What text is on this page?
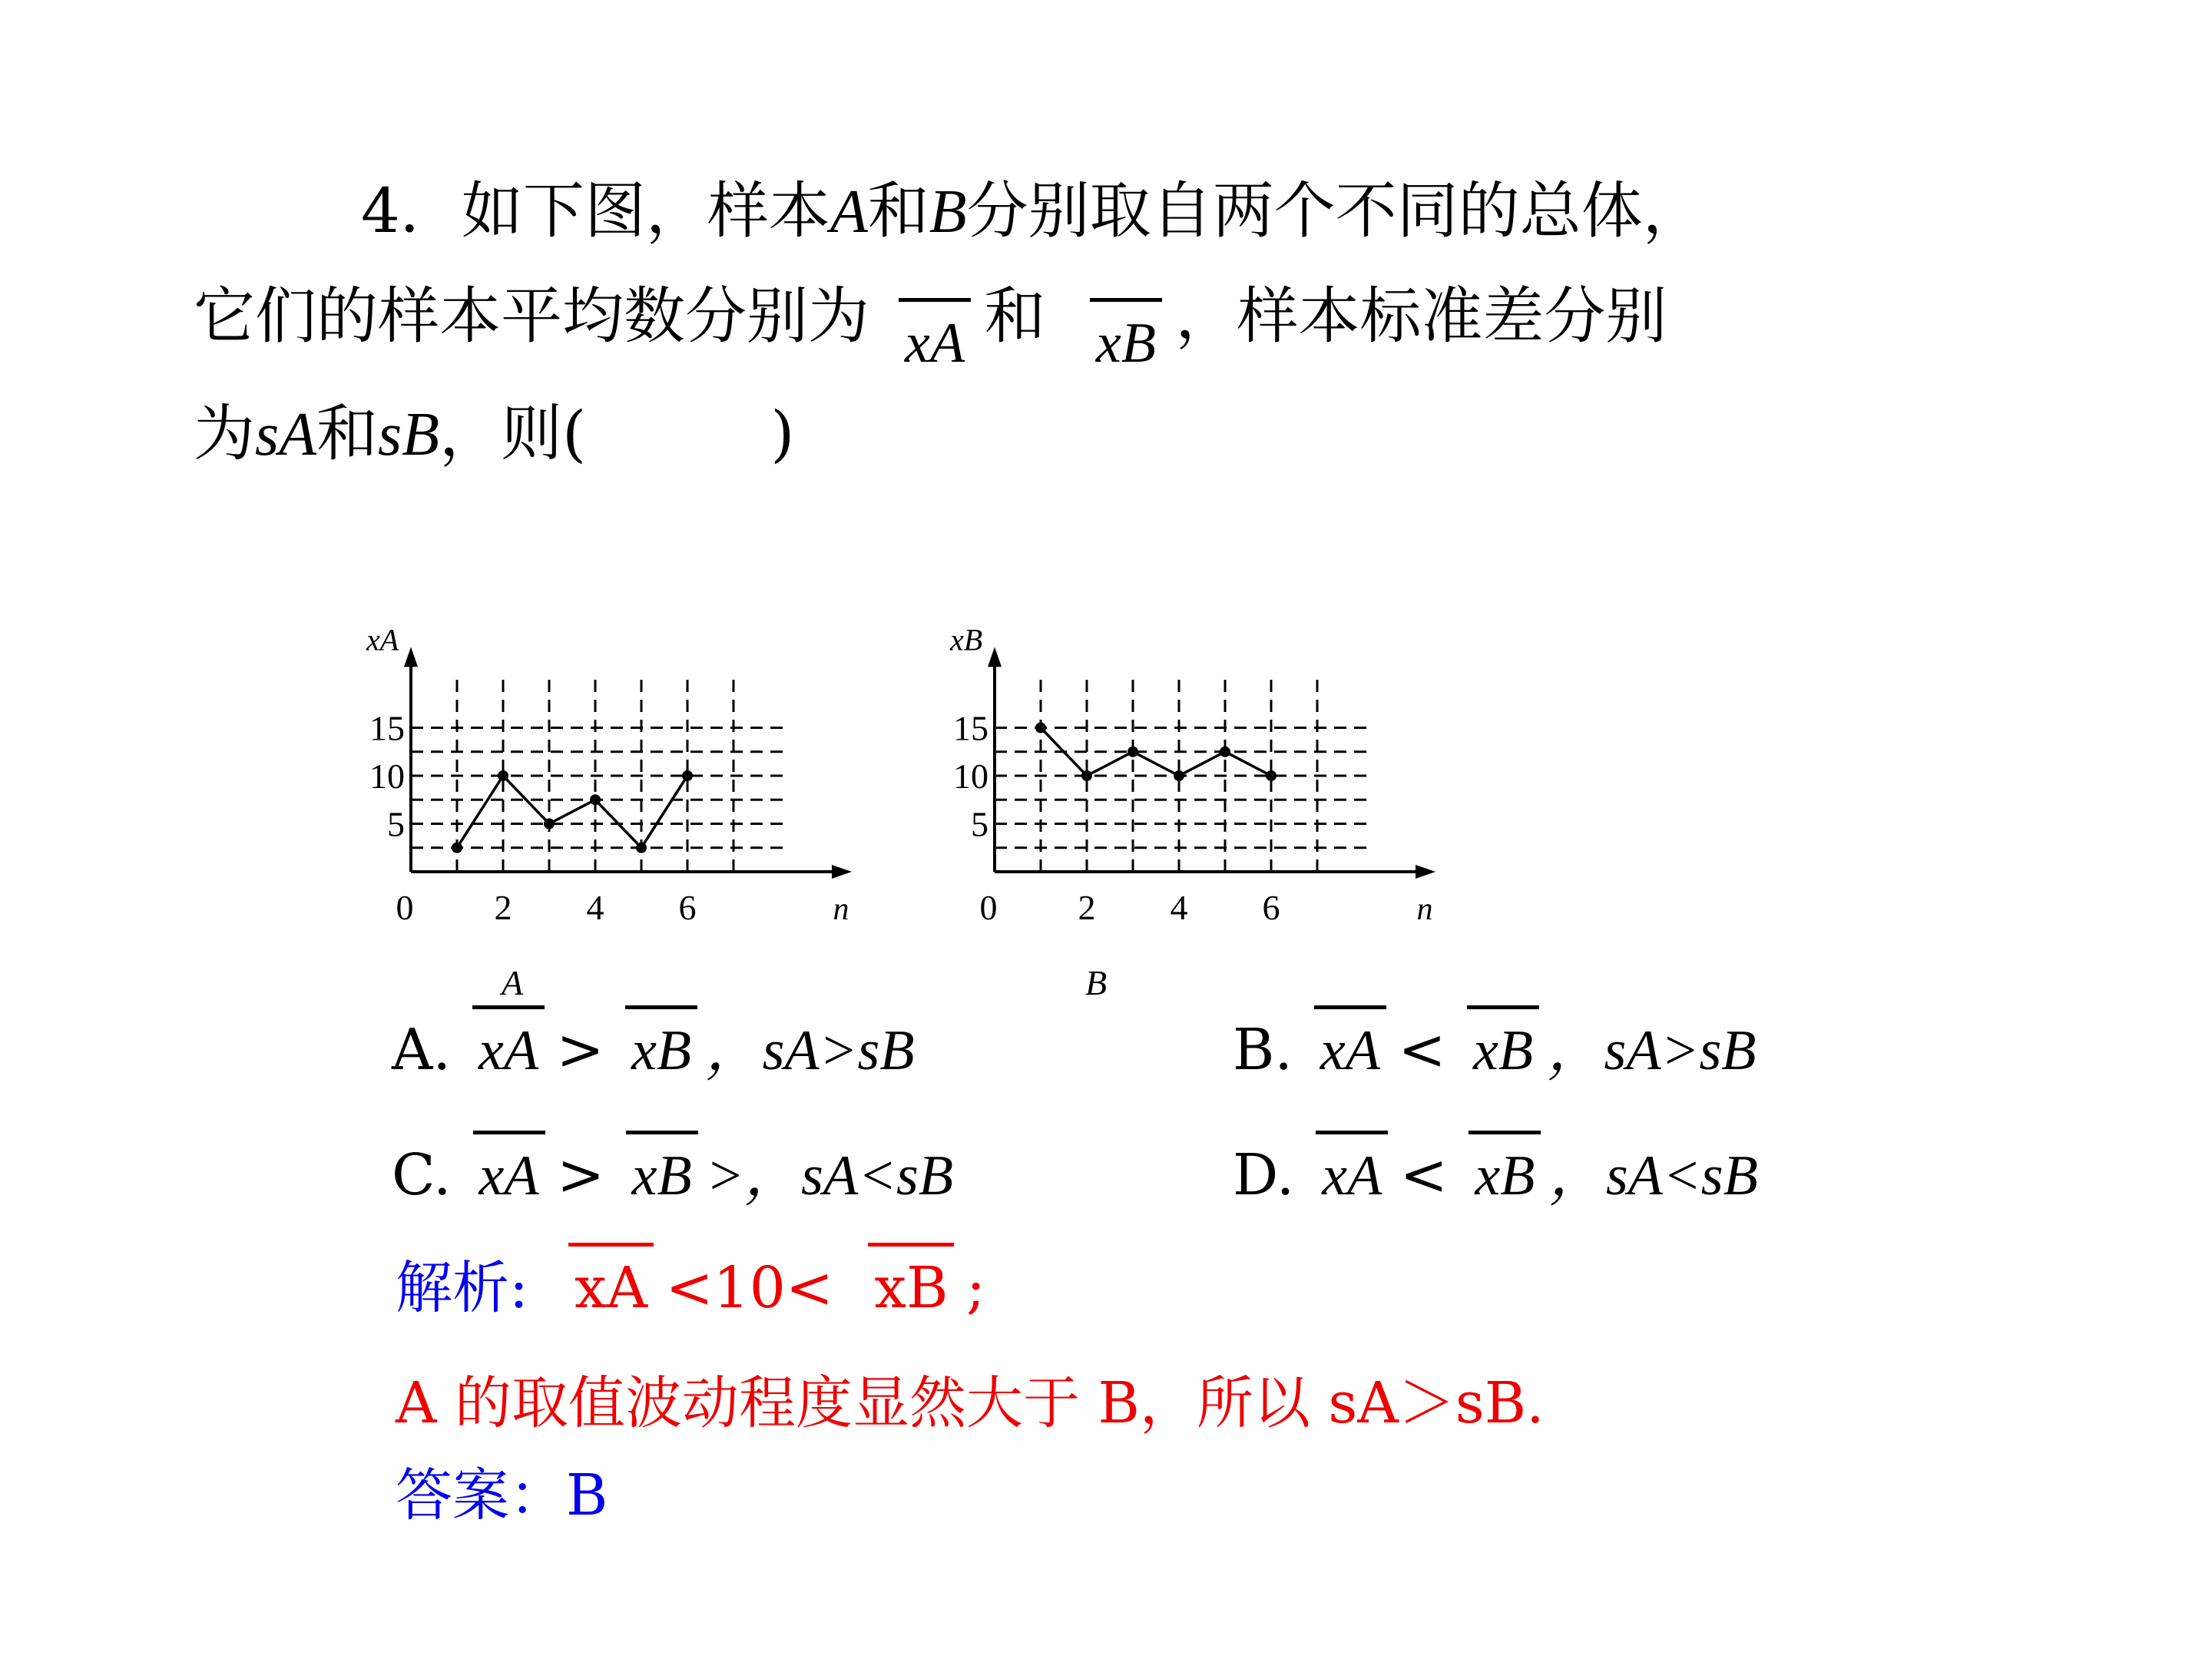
4．如下图，样本A和B分别取自两个不同的总体，
它们的样本平均数分别为 xA 和 xB ，样本标准差分别
为sA和sB，则(　　　)
0 2 4 6
5
10
15
n
xA
A
0 2 4 6
5
10
15
n
xB
B
A. xA > xB ，sA>sB	B. xA < xB ，sA>sB
C. xA > xB >，sA<sB	D. xA < xB ，sA<sB
解析: xA <10< xB ;
A 的取值波动程度显然大于 B，所以 sA＞sB.
答案：B
